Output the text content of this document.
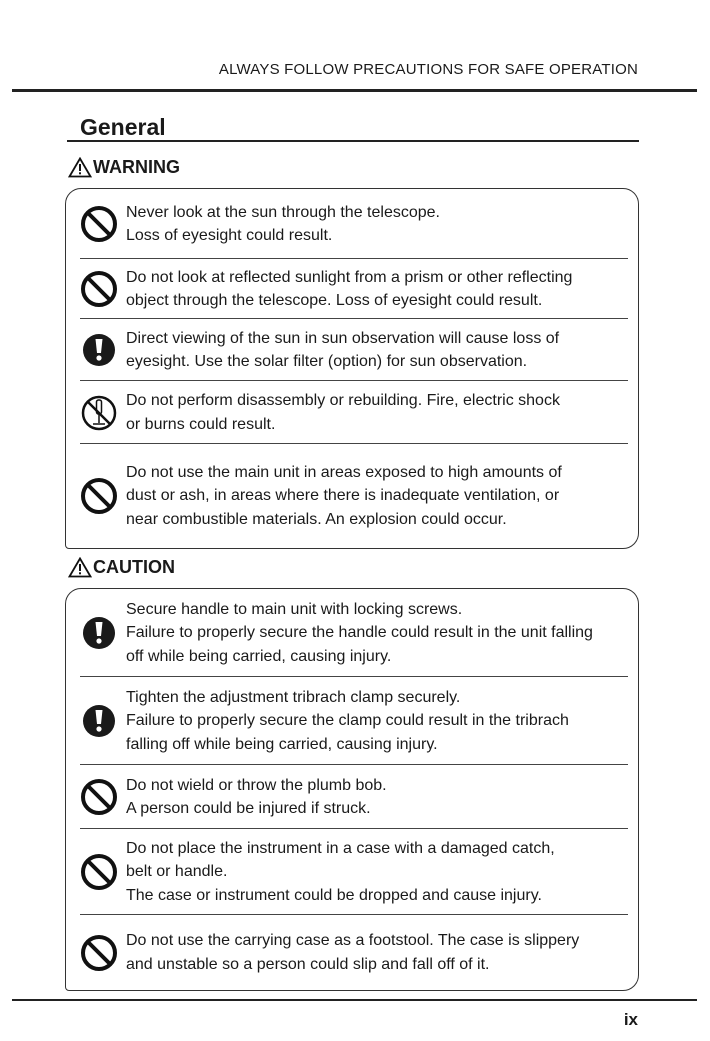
ALWAYS FOLLOW PRECAUTIONS FOR SAFE OPERATION
General
WARNING
Never look at the sun through the telescope.
Loss of eyesight could result.
Do not look at reflected sunlight from a prism or other reflecting
object through the telescope. Loss of eyesight could result.
Direct viewing of the sun in sun observation will cause loss of
eyesight. Use the solar filter (option) for sun observation.
Do not perform disassembly or rebuilding. Fire, electric shock
or burns could result.
Do not use the main unit in areas exposed to high amounts of
dust or ash, in areas where there is inadequate ventilation, or
near combustible materials. An explosion could occur.
CAUTION
Secure handle to main unit with locking screws.
Failure to properly secure the handle could result in the unit falling
off while being carried, causing injury.
Tighten the adjustment tribrach clamp securely.
Failure to properly secure the clamp could result in the tribrach
falling off while being carried, causing injury.
Do not wield or throw the plumb bob.
A person could be injured if struck.
Do not place the instrument in a case with a damaged catch,
belt or handle.
The case or instrument could be dropped and cause injury.
Do not use the carrying case as a footstool. The case is slippery
and unstable so a person could slip and fall off of it.
ix
